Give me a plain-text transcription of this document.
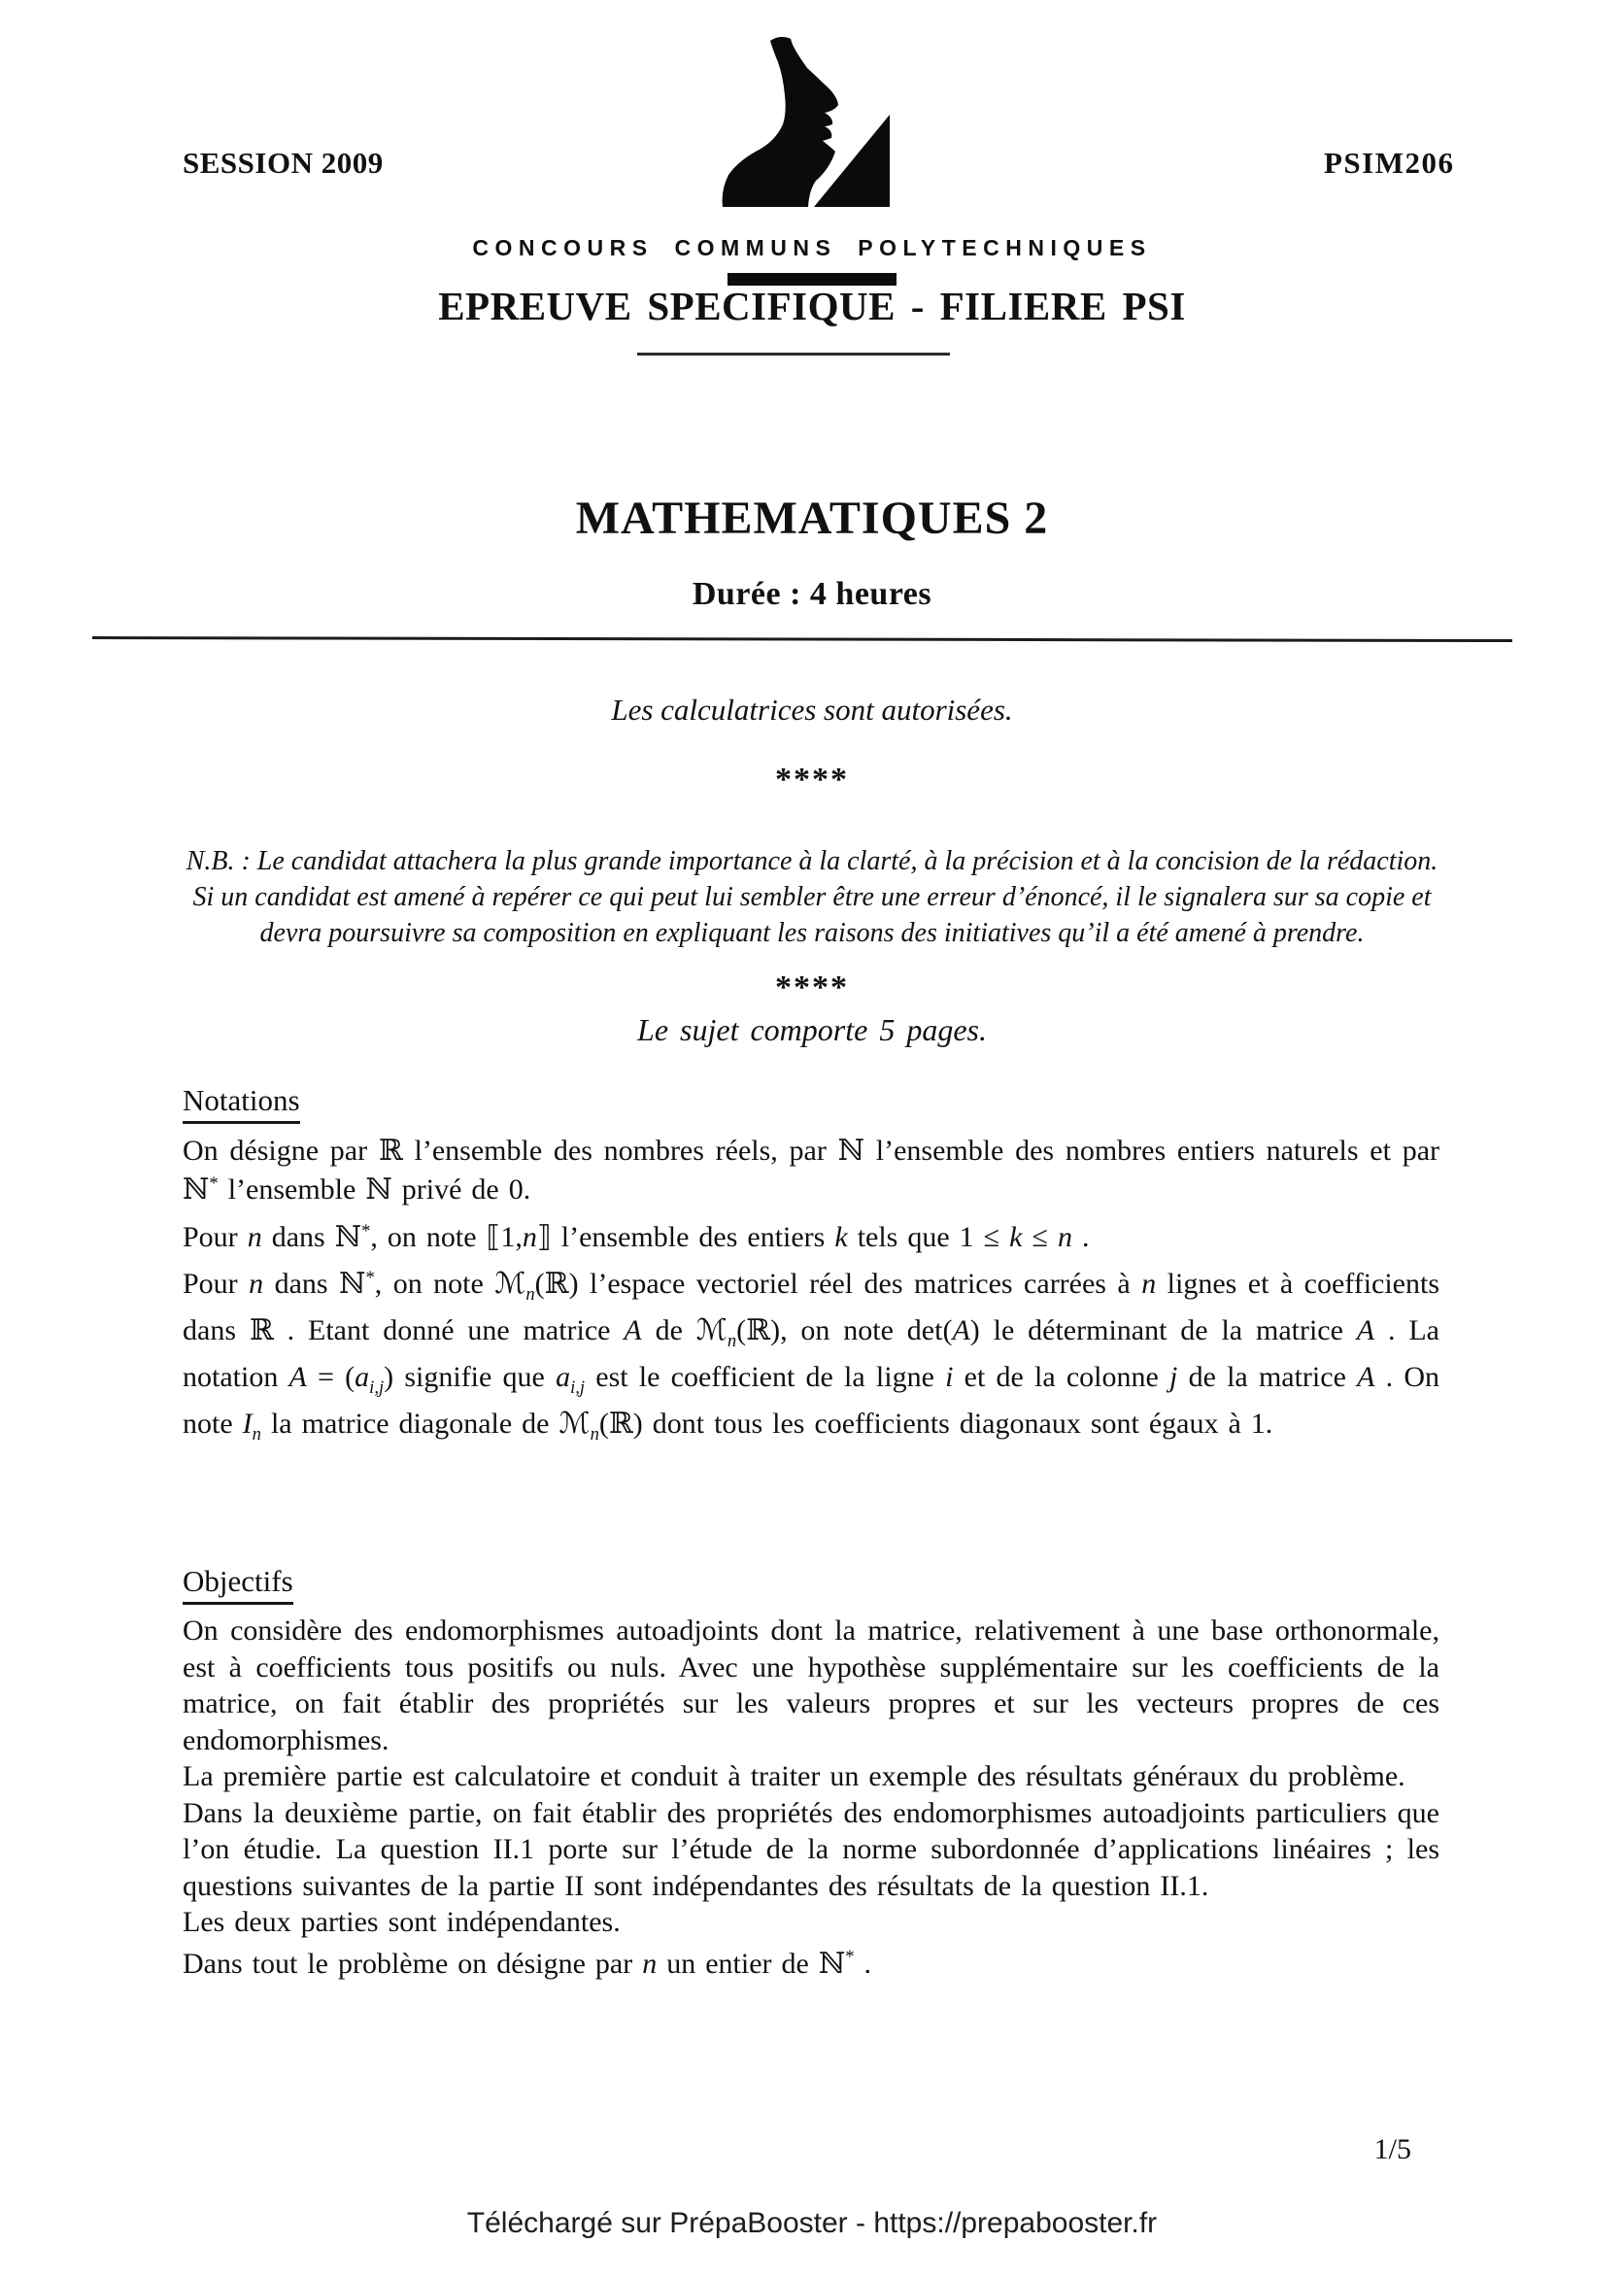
SESSION 2009	PSIM206
CONCOURS COMMUNS POLYTECHNIQUES
EPREUVE SPECIFIQUE - FILIERE PSI
MATHEMATIQUES 2
Durée : 4 heures
Les calculatrices sont autorisées.
****
N.B. : Le candidat attachera la plus grande importance à la clarté, à la précision et à la concision de la rédaction.
Si un candidat est amené à repérer ce qui peut lui sembler être une erreur d’énoncé, il le signalera sur sa copie et
devra poursuivre sa composition en expliquant les raisons des initiatives qu’il a été amené à prendre.
****
Le sujet comporte 5 pages.
Notations

On désigne par ℝ l’ensemble des nombres réels, par ℕ l’ensemble des nombres entiers naturels et par ℕ* l’ensemble ℕ privé de 0.

Pour n dans ℕ*, on note ⟦1,n⟧ l’ensemble des entiers k tels que 1 ≤ k ≤ n .

Pour n dans ℕ*, on note ℳ$_n$(ℝ) l’espace vectoriel réel des matrices carrées à n lignes et à coefficients dans ℝ . Etant donné une matrice A de ℳ$_n$(ℝ), on note det(A) le déterminant de la matrice A . La notation $A = (a_{i,j})$ signifie que $a_{i,j}$ est le coefficient de la ligne i et de la colonne j de la matrice A . On note $I_n$ la matrice diagonale de ℳ$_n$(ℝ) dont tous les coefficients diagonaux sont égaux à 1.

Objectifs

On considère des endomorphismes autoadjoints dont la matrice, relativement à une base orthonormale, est à coefficients tous positifs ou nuls. Avec une hypothèse supplémentaire sur les coefficients de la matrice, on fait établir des propriétés sur les valeurs propres et sur les vecteurs propres de ces endomorphismes.

La première partie est calculatoire et conduit à traiter un exemple des résultats généraux du problème.

Dans la deuxième partie, on fait établir des propriétés des endomorphismes autoadjoints particuliers que l’on étudie. La question II.1 porte sur l’étude de la norme subordonnée d’applications linéaires ; les questions suivantes de la partie II sont indépendantes des résultats de la question II.1.

Les deux parties sont indépendantes.

Dans tout le problème on désigne par n un entier de ℕ* .

1/5
Téléchargé sur PrépaBooster - https://prepabooster.fr
